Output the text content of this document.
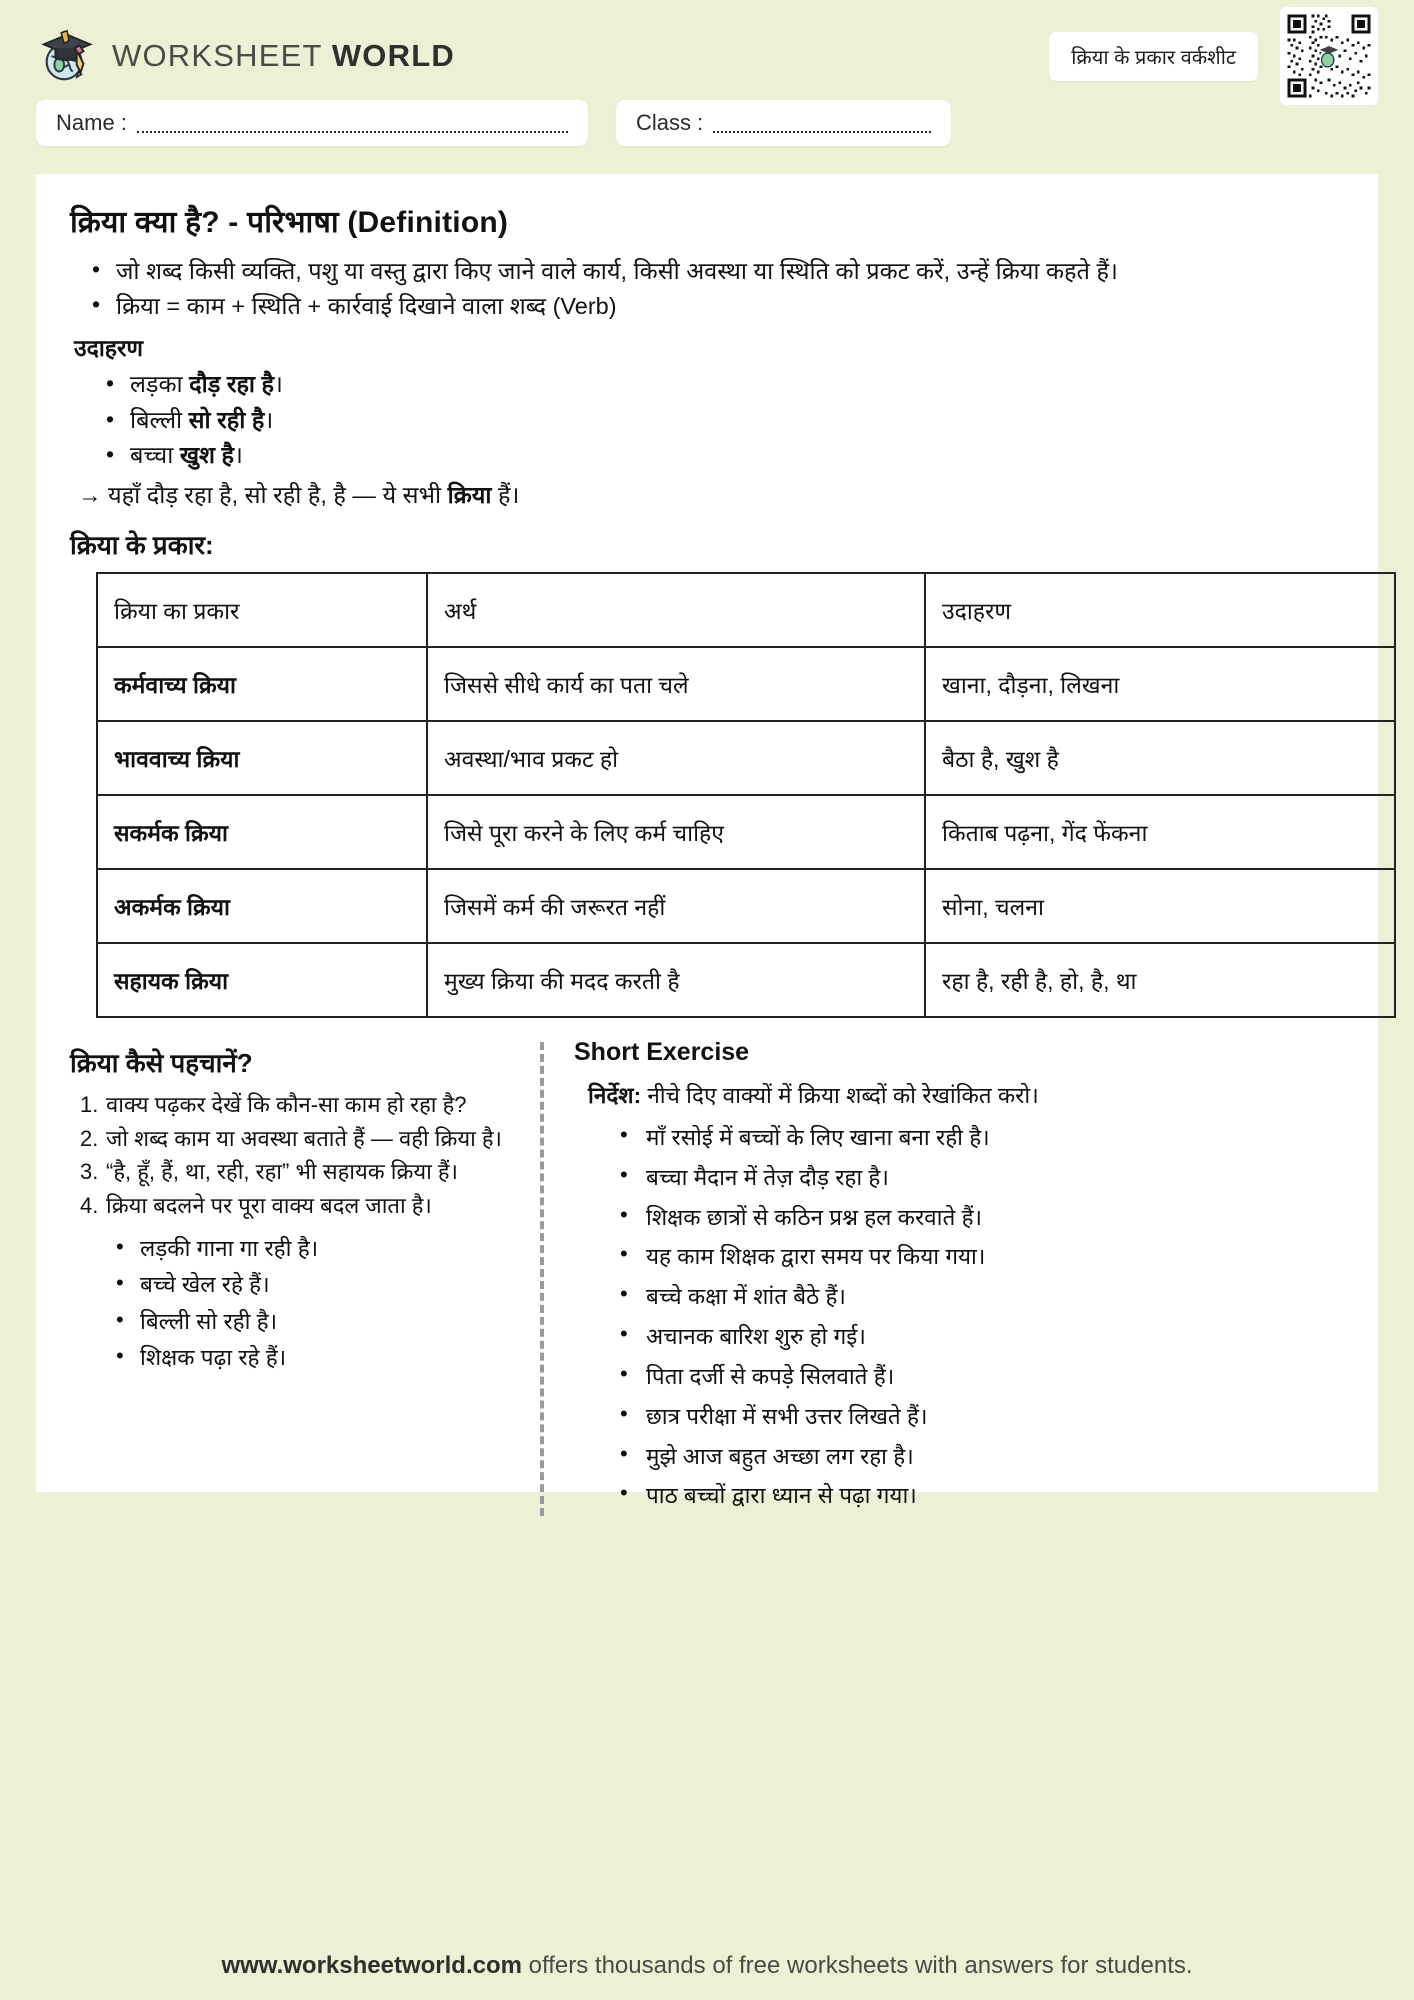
WORKSHEET WORLD	क्रिया के प्रकार वर्कशीट
Name :	Class :
क्रिया क्या है? - परिभाषा (Definition)
• जो शब्द किसी व्यक्ति, पशु या वस्तु द्वारा किए जाने वाले कार्य, किसी अवस्था या स्थिति को प्रकट करें, उन्हें क्रिया कहते हैं।
• क्रिया = काम + स्थिति + कार्रवाई दिखाने वाला शब्द (Verb)
उदाहरण
• लड़का दौड़ रहा है।
• बिल्ली सो रही है।
• बच्चा खुश है।
→ यहाँ दौड़ रहा है, सो रही है, है — ये सभी क्रिया हैं।
क्रिया के प्रकार:
क्रिया का प्रकार	अर्थ	उदाहरण
कर्मवाच्य क्रिया	जिससे सीधे कार्य का पता चले	खाना, दौड़ना, लिखना
भाववाच्य क्रिया	अवस्था/भाव प्रकट हो	बैठा है, खुश है
सकर्मक क्रिया	जिसे पूरा करने के लिए कर्म चाहिए	किताब पढ़ना, गेंद फेंकना
अकर्मक क्रिया	जिसमें कर्म की जरूरत नहीं	सोना, चलना
सहायक क्रिया	मुख्य क्रिया की मदद करती है	रहा है, रही है, हो, है, था
क्रिया कैसे पहचानें?
वाक्य पढ़कर देखें कि कौन-सा काम हो रहा है?
जो शब्द काम या अवस्था बताते हैं — वही क्रिया है।
“है, हूँ, हैं, था, रही, रहा” भी सहायक क्रिया हैं।
क्रिया बदलने पर पूरा वाक्य बदल जाता है।
• लड़की गाना गा रही है।
• बच्चे खेल रहे हैं।
• बिल्ली सो रही है।
• शिक्षक पढ़ा रहे हैं।
Short Exercise
निर्देश: नीचे दिए वाक्यों में क्रिया शब्दों को रेखांकित करो।
• माँ रसोई में बच्चों के लिए खाना बना रही है।
• बच्चा मैदान में तेज़ दौड़ रहा है।
• शिक्षक छात्रों से कठिन प्रश्न हल करवाते हैं।
• यह काम शिक्षक द्वारा समय पर किया गया।
• बच्चे कक्षा में शांत बैठे हैं।
• अचानक बारिश शुरु हो गई।
• पिता दर्जी से कपड़े सिलवाते हैं।
• छात्र परीक्षा में सभी उत्तर लिखते हैं।
• मुझे आज बहुत अच्छा लग रहा है।
• पाठ बच्चों द्वारा ध्यान से पढ़ा गया।
www.worksheetworld.com offers thousands of free worksheets with answers for students.
